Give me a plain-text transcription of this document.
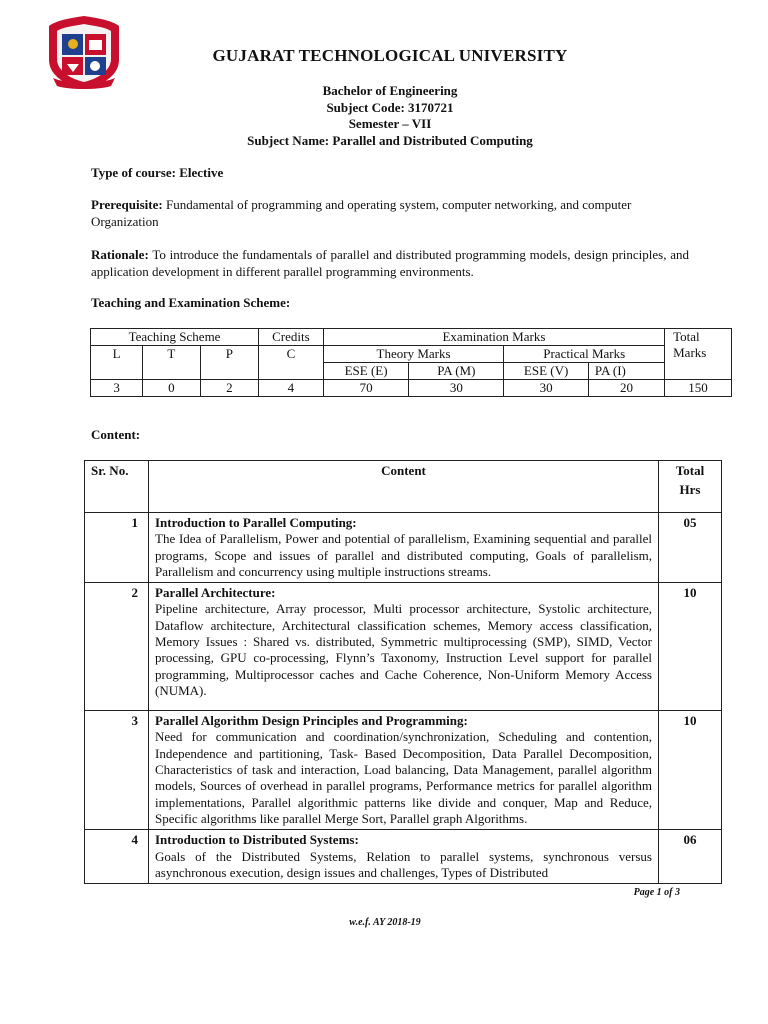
GUJARAT TECHNOLOGICAL UNIVERSITY
Bachelor of Engineering
Subject Code: 3170721
Semester – VII
Subject Name: Parallel and Distributed Computing
Type of course: Elective
Prerequisite: Fundamental of programming and operating system, computer networking, and computer Organization
Rationale: To introduce the fundamentals of parallel and distributed programming models, design principles, and application development in different parallel programming environments.
Teaching and Examination Scheme:
Teaching Scheme			Credits	Examination Marks				Total
Marks

L	T	P	C	Theory Marks		Practical Marks		
				ESE (E)	PA (M)	ESE (V)	PA (I)	
3	0	2	4	70	30	30	20	150
Content:
Sr. No.	Content	Total
Hrs

1	Introduction to Parallel Computing:
The Idea of Parallelism, Power and potential of parallelism, Examining sequential and parallel programs, Scope and issues of parallel and distributed computing, Goals of parallelism, Parallelism and concurrency using multiple instructions streams.	05
2	Parallel Architecture:
Pipeline architecture, Array processor, Multi processor architecture, Systolic architecture, Dataflow architecture, Architectural classification schemes, Memory access classification, Memory Issues : Shared vs. distributed, Symmetric multiprocessing (SMP), SIMD, Vector processing, GPU co-processing, Flynn’s Taxonomy, Instruction Level support for parallel programming, Multiprocessor caches and Cache Coherence, Non-Uniform Memory Access (NUMA).	10
3	Parallel Algorithm Design Principles and Programming:
Need for communication and coordination/synchronization, Scheduling and contention, Independence and partitioning, Task- Based Decomposition, Data Parallel Decomposition, Characteristics of task and interaction, Load balancing, Data Management, parallel algorithm models, Sources of overhead in parallel programs, Performance metrics for parallel algorithm implementations, Parallel algorithmic patterns like divide and conquer, Map and Reduce, Specific algorithms like parallel Merge Sort, Parallel graph Algorithms.	10
4	Introduction to Distributed Systems:
Goals of the Distributed Systems, Relation to parallel systems, synchronous versus asynchronous execution, design issues and challenges, Types of Distributed	06
Page 1 of 3
w.e.f. AY 2018-19
